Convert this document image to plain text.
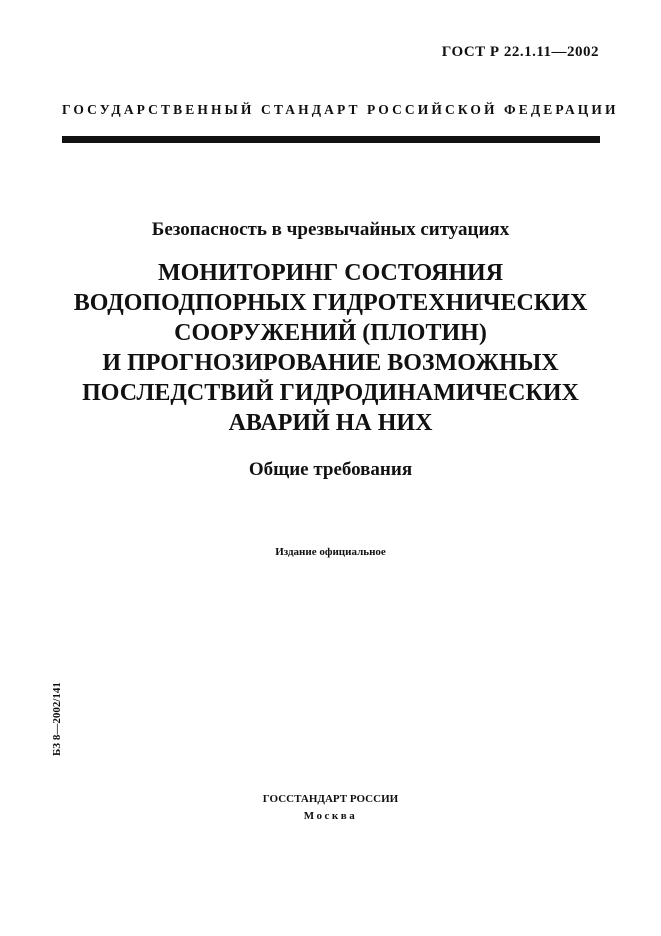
ГОСТ Р 22.1.11—2002
ГОСУДАРСТВЕННЫЙ СТАНДАРТ РОССИЙСКОЙ ФЕДЕРАЦИИ
Безопасность в чрезвычайных ситуациях
МОНИТОРИНГ СОСТОЯНИЯ
ВОДОПОДПОРНЫХ ГИДРОТЕХНИЧЕСКИХ
СООРУЖЕНИЙ (ПЛОТИН)
И ПРОГНОЗИРОВАНИЕ ВОЗМОЖНЫХ
ПОСЛЕДСТВИЙ ГИДРОДИНАМИЧЕСКИХ
АВАРИЙ НА НИХ
Общие требования
Издание официальное
БЗ 8—2002/141
ГОССТАНДАРТ РОССИИ
Москва
